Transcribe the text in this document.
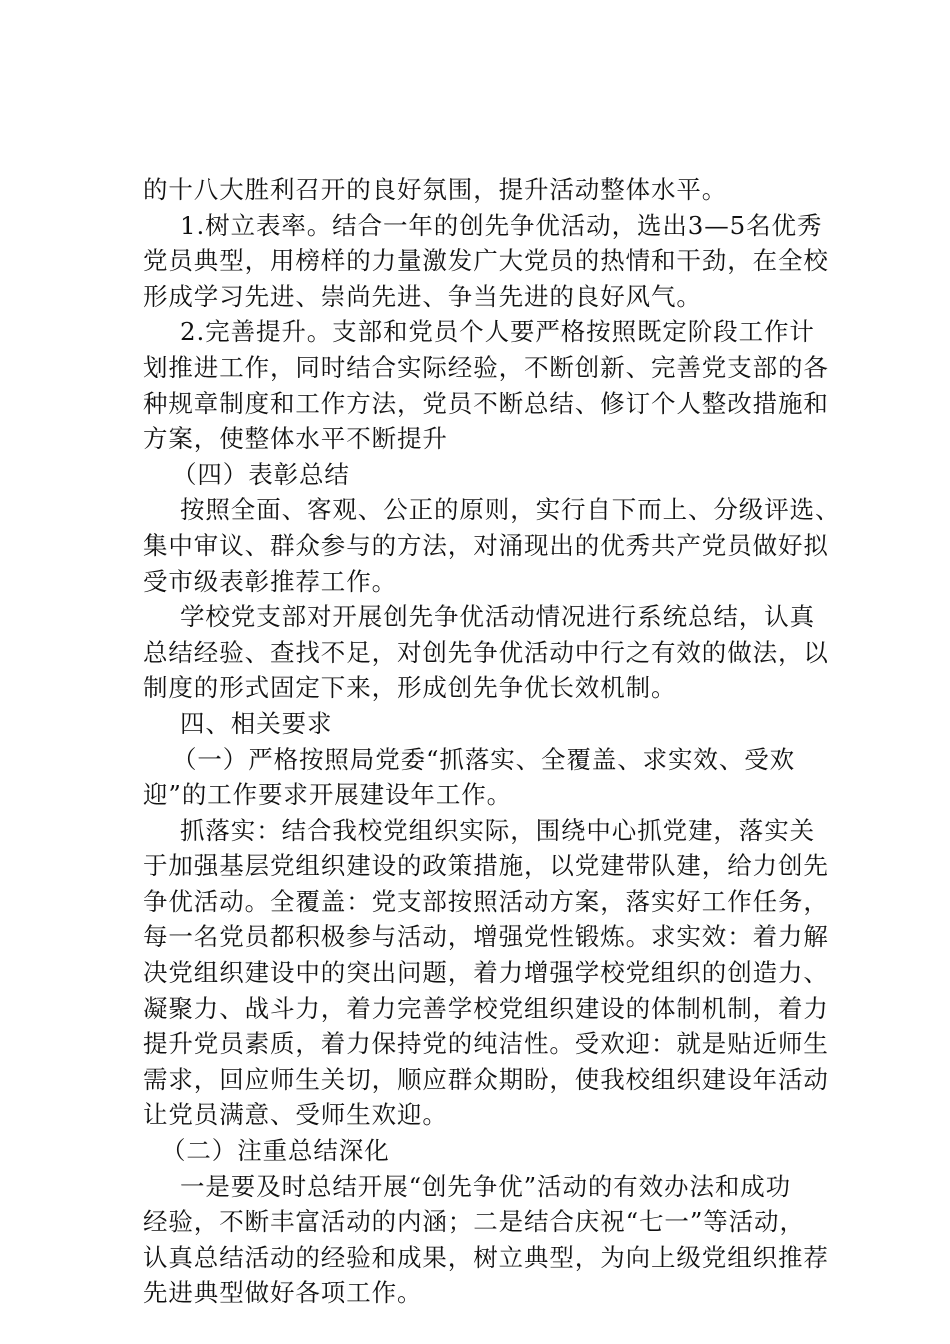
的十八大胜利召开的良好氛围，提升活动整体水平。
1.树立表率。结合一年的创先争优活动，选出3—5名优秀
党员典型，用榜样的力量激发广大党员的热情和干劲，在全校
形成学习先进、崇尚先进、争当先进的良好风气。
2.完善提升。支部和党员个人要严格按照既定阶段工作计
划推进工作，同时结合实际经验，不断创新、完善党支部的各
种规章制度和工作方法，党员不断总结、修订个人整改措施和
方案，使整体水平不断提升
（四）表彰总结
按照全面、客观、公正的原则，实行自下而上、分级评选、
集中审议、群众参与的方法，对涌现出的优秀共产党员做好拟
受市级表彰推荐工作。
学校党支部对开展创先争优活动情况进行系统总结，认真
总结经验、查找不足，对创先争优活动中行之有效的做法，以
制度的形式固定下来，形成创先争优长效机制。
四、相关要求
（一）严格按照局党委“抓落实、全覆盖、求实效、受欢
迎”的工作要求开展建设年工作。
抓落实：结合我校党组织实际，围绕中心抓党建，落实关
于加强基层党组织建设的政策措施，以党建带队建，给力创先
争优活动。全覆盖：党支部按照活动方案，落实好工作任务，
每一名党员都积极参与活动，增强党性锻炼。求实效：着力解
决党组织建设中的突出问题，着力增强学校党组织的创造力、
凝聚力、战斗力，着力完善学校党组织建设的体制机制，着力
提升党员素质，着力保持党的纯洁性。受欢迎：就是贴近师生
需求，回应师生关切，顺应群众期盼，使我校组织建设年活动
让党员满意、受师生欢迎。
（二）注重总结深化
一是要及时总结开展“创先争优”活动的有效办法和成功
经验，不断丰富活动的内涵；二是结合庆祝“七一”等活动，
认真总结活动的经验和成果，树立典型，为向上级党组织推荐
先进典型做好各项工作。
